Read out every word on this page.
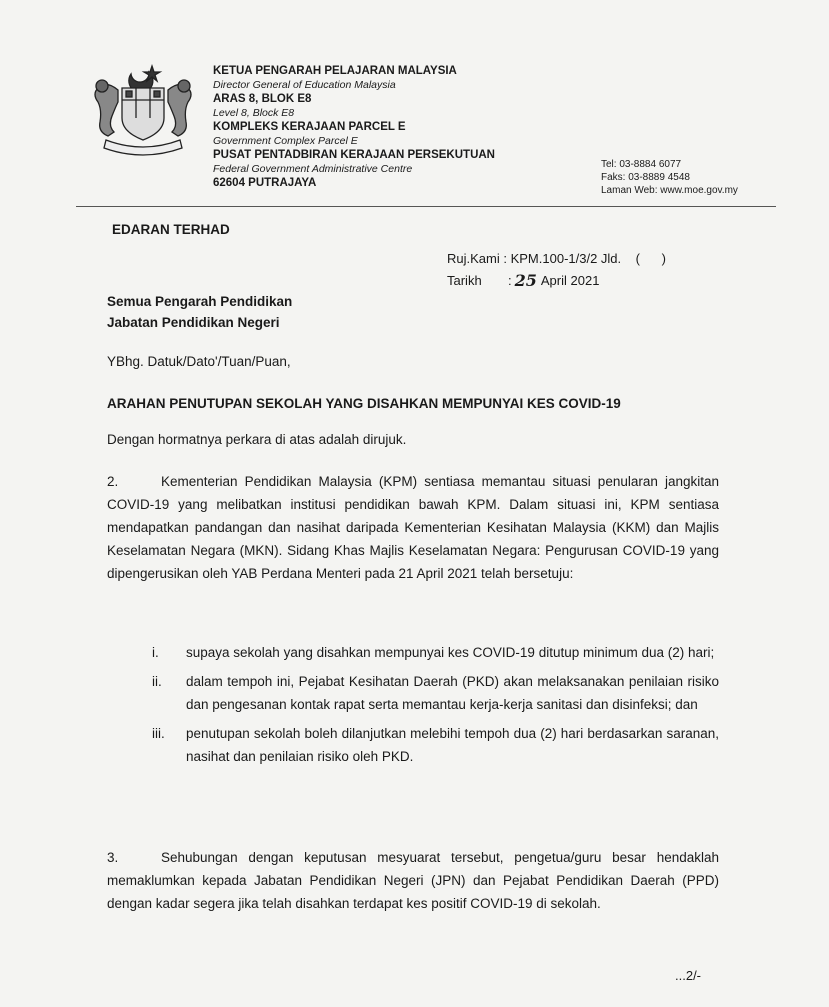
KETUA PENGARAH PELAJARAN MALAYSIA
Director General of Education Malaysia
ARAS 8, BLOK E8
Level 8, Block E8
KOMPLEKS KERAJAAN PARCEL E
Government Complex Parcel E
PUSAT PENTADBIRAN KERAJAAN PERSEKUTUAN
Federal Government Administrative Centre
62604 PUTRAJAYA
Tel: 03-8884 6077
Faks: 03-8889 4548
Laman Web: www.moe.gov.my
EDARAN TERHAD
Ruj.Kami :
KPM.100-1/3/2 Jld.    (      )
Tarikh	: 25 April 2021
Semua Pengarah Pendidikan
Jabatan Pendidikan Negeri
YBhg. Datuk/Dato'/Tuan/Puan,
ARAHAN PENUTUPAN SEKOLAH YANG DISAHKAN MEMPUNYAI KES COVID-19
Dengan hormatnya perkara di atas adalah dirujuk.
2.	Kementerian Pendidikan Malaysia (KPM) sentiasa memantau situasi penularan jangkitan COVID-19 yang melibatkan institusi pendidikan bawah KPM. Dalam situasi ini, KPM sentiasa mendapatkan pandangan dan nasihat daripada Kementerian Kesihatan Malaysia (KKM) dan Majlis Keselamatan Negara (MKN). Sidang Khas Majlis Keselamatan Negara: Pengurusan COVID-19 yang dipengerusikan oleh YAB Perdana Menteri pada 21 April 2021 telah bersetuju:
i. supaya sekolah yang disahkan mempunyai kes COVID-19 ditutup minimum dua (2) hari;
ii. dalam tempoh ini, Pejabat Kesihatan Daerah (PKD) akan melaksanakan penilaian risiko dan pengesanan kontak rapat serta memantau kerja-kerja sanitasi dan disinfeksi; dan
iii. penutupan sekolah boleh dilanjutkan melebihi tempoh dua (2) hari berdasarkan saranan, nasihat dan penilaian risiko oleh PKD.
3.	Sehubungan dengan keputusan mesyuarat tersebut, pengetua/guru besar hendaklah memaklumkan kepada Jabatan Pendidikan Negeri (JPN) dan Pejabat Pendidikan Daerah (PPD) dengan kadar segera jika telah disahkan terdapat kes positif COVID-19 di sekolah.
...2/-
